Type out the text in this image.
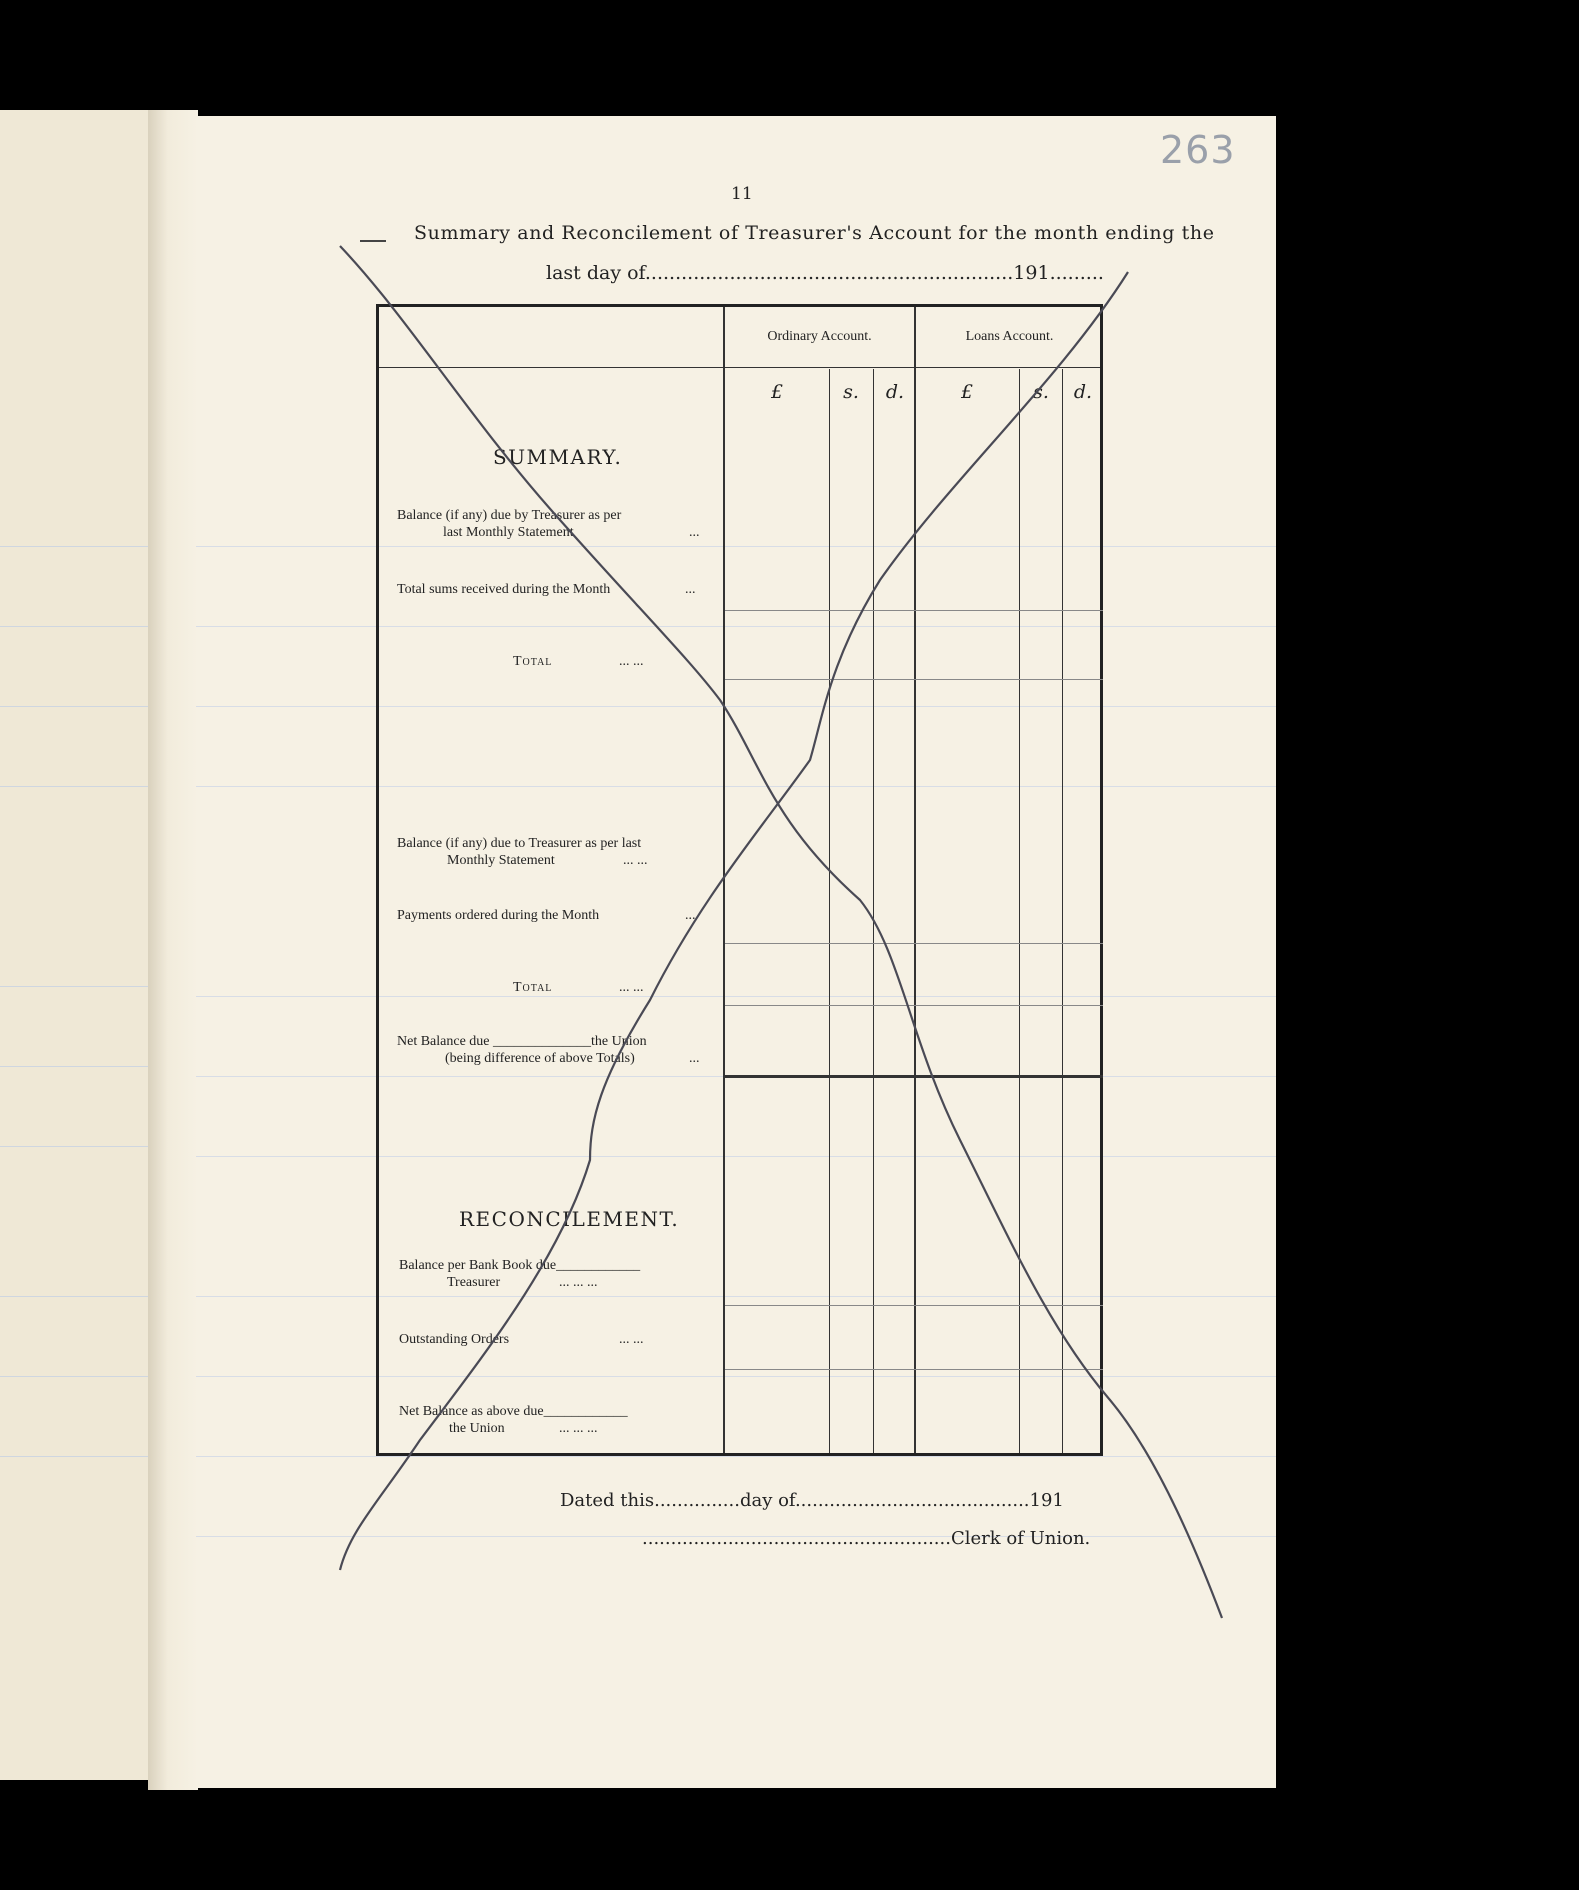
263
11
Summary and Reconcilement of Treasurer's Account for the month ending the
last day of.............................................................191.........
Ordinary Account.	Loans Account.
£	s.	d.	£	s.	d.
SUMMARY.
Balance (if any) due by Treasurer as per
last Monthly Statement	...
Total sums received during the Month	...
Total	... ...
Balance (if any) due to Treasurer as per last
Monthly Statement	... ...
Payments ordered during the Month	...
Total	... ...
Net Balance due ______________the Union
(being difference of above Totals)	...
RECONCILEMENT.
Balance per Bank Book due____________
Treasurer	... ... ...
Outstanding Orders	... ...
Net Balance as above due____________
the Union	... ... ...
Dated this...............day of.........................................191
......................................................Clerk of Union.
